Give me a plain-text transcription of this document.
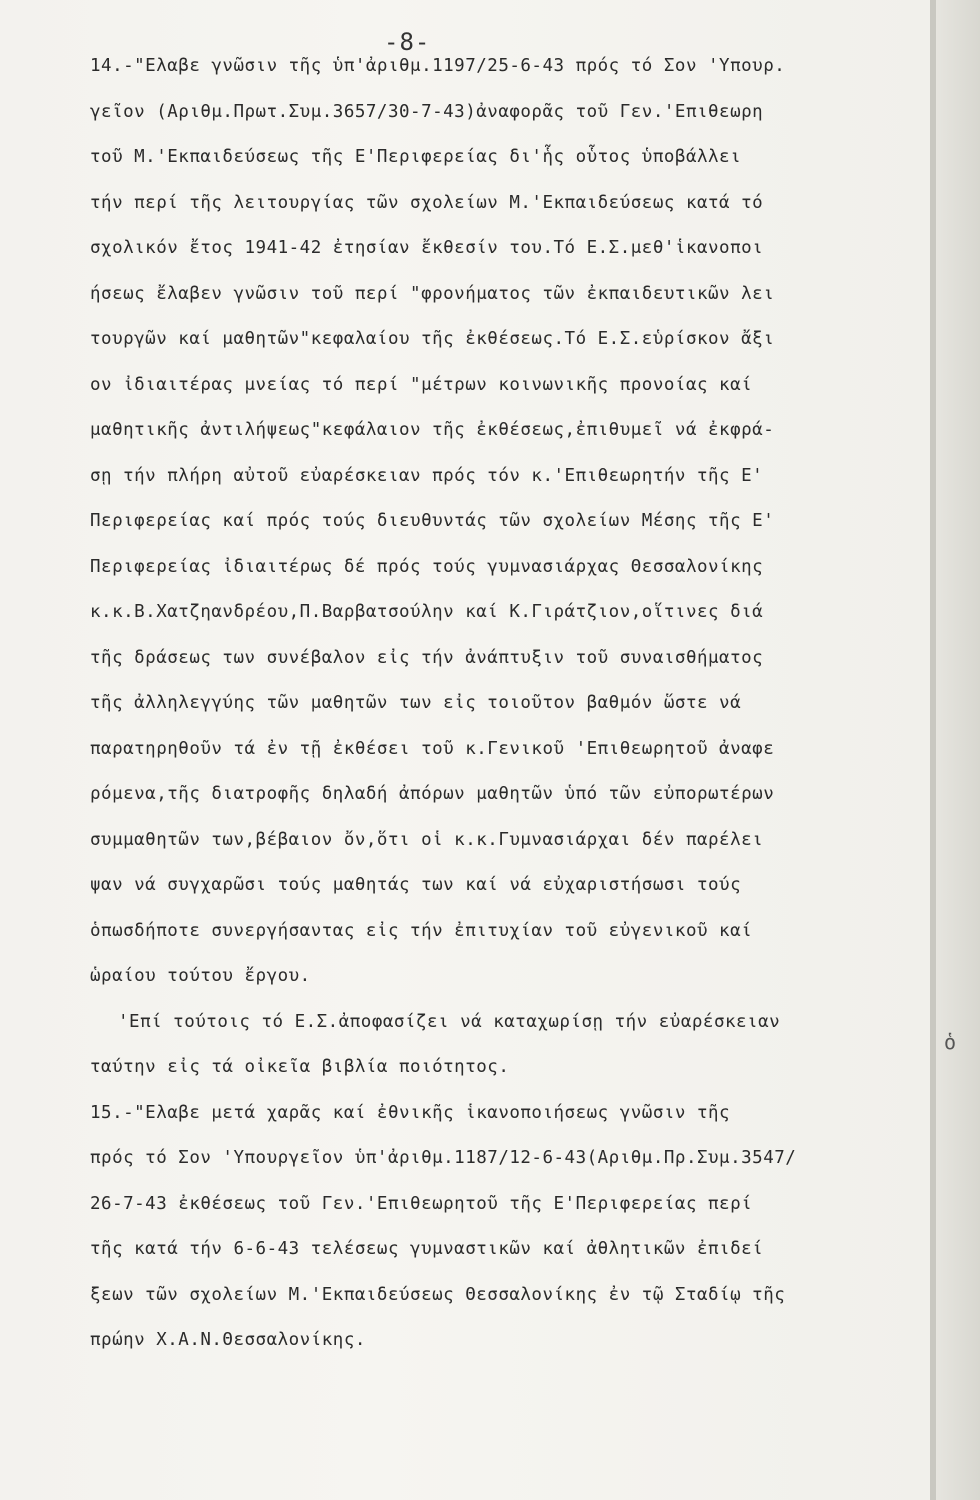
ὁ
-8-
14.-"Ελαβε γνῶσιν τῆς ὑπ'ἀριθμ.1197/25-6-43 πρός τό Σον 'Υπουρ.
γεῖον (Αριθμ.Πρωτ.Συμ.3657/30-7-43)ἀναφορᾶς τοῦ Γεν.'Επιθεωρη
τοῦ Μ.'Εκπαιδεύσεως τῆς Ε'Περιφερείας δι'ἧς οὗτος ὑποβάλλει
τήν περί τῆς λειτουργίας τῶν σχολείων Μ.'Εκπαιδεύσεως κατά τό
σχολικόν ἔτος 1941-42 ἐτησίαν ἔκθεσίν του.Τό Ε.Σ.μεθ'ἱκανοποι
ήσεως ἔλαβεν γνῶσιν τοῦ περί "φρονήματος τῶν ἐκπαιδευτικῶν λει
τουργῶν καί μαθητῶν"κεφαλαίου τῆς ἐκθέσεως.Τό Ε.Σ.εὑρίσκον ἄξι
ον ἰδιαιτέρας μνείας τό περί "μέτρων κοινωνικῆς προνοίας καί
μαθητικῆς ἀντιλήψεως"κεφάλαιον τῆς ἐκθέσεως,ἐπιθυμεῖ νά ἐκφρά-
σῃ τήν πλήρη αὐτοῦ εὐαρέσκειαν πρός τόν κ.'Επιθεωρητήν τῆς Ε'
Περιφερείας καί πρός τούς διευθυντάς τῶν σχολείων Μέσης τῆς Ε'
Περιφερείας ἰδιαιτέρως δέ πρός τούς γυμνασιάρχας Θεσσαλονίκης
κ.κ.Β.Χατζηανδρέου,Π.Βαρβατσούλην καί Κ.Γιράτζιον,οἵτινες διά
τῆς δράσεως των συνέβαλον εἰς τήν ἀνάπτυξιν τοῦ συναισθήματος
τῆς ἀλληλεγγύης τῶν μαθητῶν των εἰς τοιοῦτον βαθμόν ὥστε νά
παρατηρηθοῦν τά ἐν τῇ ἐκθέσει τοῦ κ.Γενικοῦ 'Επιθεωρητοῦ ἀναφε
ρόμενα,τῆς διατροφῆς δηλαδή ἀπόρων μαθητῶν ὑπό τῶν εὐπορωτέρων
συμμαθητῶν των,βέβαιον ὄν,ὅτι οἱ κ.κ.Γυμνασιάρχαι δέν παρέλει
ψαν νά συγχαρῶσι τούς μαθητάς των καί νά εὐχαριστήσωσι τούς
ὁπωσδήποτε συνεργήσαντας εἰς τήν ἐπιτυχίαν τοῦ εὐγενικοῦ καί
ὡραίου τούτου ἔργου.
'Επί τούτοις τό Ε.Σ.ἀποφασίζει νά καταχωρίσῃ τήν εὐαρέσκειαν
ταύτην εἰς τά οἰκεῖα βιβλία ποιότητος.
15.-"Ελαβε μετά χαρᾶς καί ἐθνικῆς ἱκανοποιήσεως γνῶσιν τῆς
πρός τό Σον 'Υπουργεῖον ὑπ'ἀριθμ.1187/12-6-43(Αριθμ.Πρ.Συμ.3547/
26-7-43 ἐκθέσεως τοῦ Γεν.'Επιθεωρητοῦ τῆς Ε'Περιφερείας περί
τῆς κατά τήν 6-6-43 τελέσεως γυμναστικῶν καί ἀθλητικῶν ἐπιδεί
ξεων τῶν σχολείων Μ.'Εκπαιδεύσεως Θεσσαλονίκης ἐν τῷ Σταδίῳ τῆς
πρώην Χ.Α.Ν.Θεσσαλονίκης.
